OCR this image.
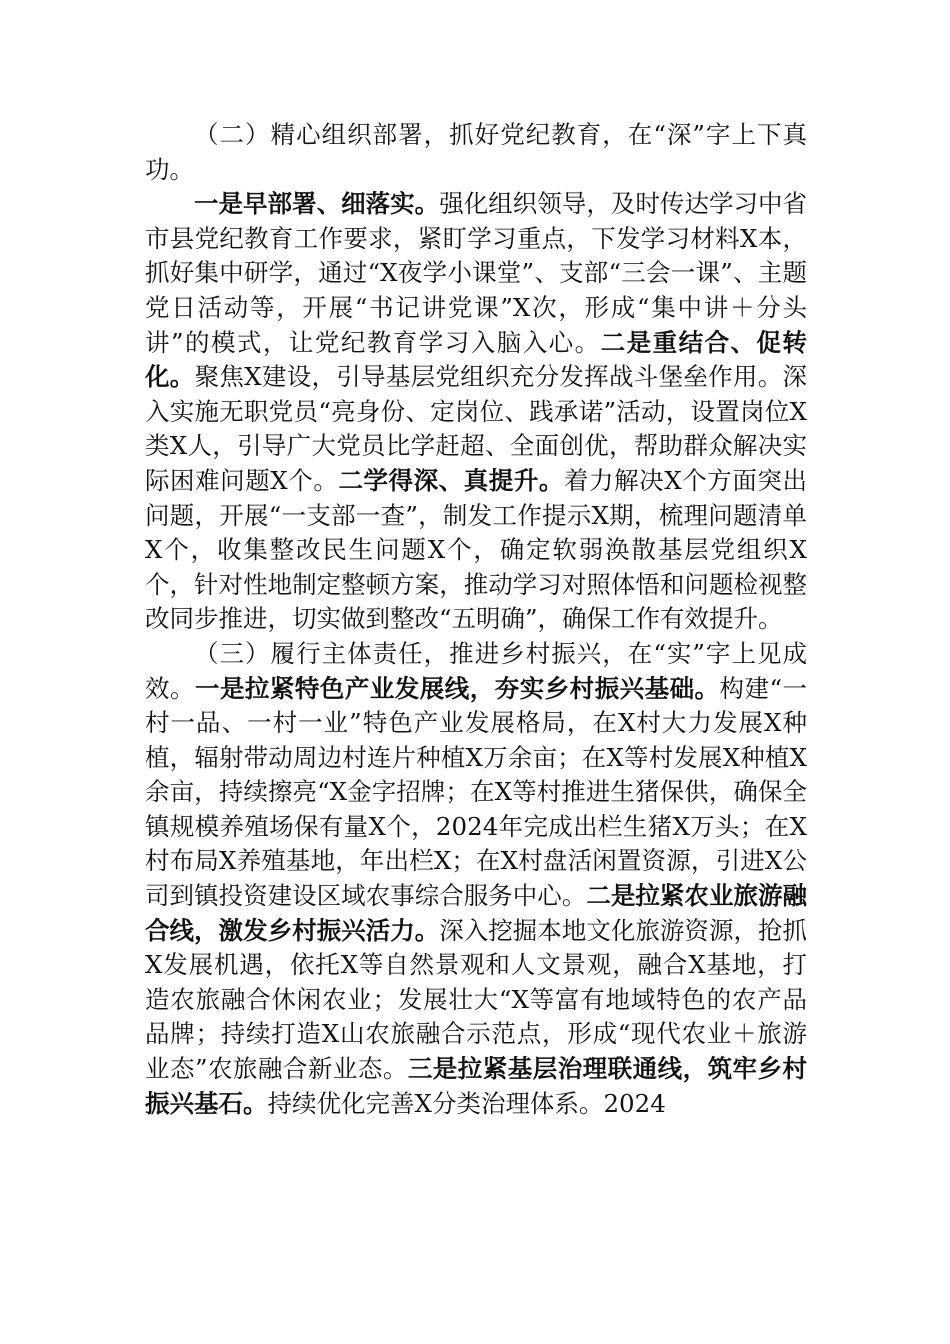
（二）精心组织部署，抓好党纪教育，在“深”字上下真功。

一是早部署、细落实。强化组织领导，及时传达学习中省市县党纪教育工作要求，紧盯学习重点，下发学习材料X本，抓好集中研学，通过“X夜学小课堂”、支部“三会一课”、主题党日活动等，开展“书记讲党课”X次，形成“集中讲＋分头讲”的模式，让党纪教育学习入脑入心。二是重结合、促转化。聚焦X建设，引导基层党组织充分发挥战斗堡垒作用。深入实施无职党员“亮身份、定岗位、践承诺”活动，设置岗位X类X人，引导广大党员比学赶超、全面创优，帮助群众解决实际困难问题X个。二学得深、真提升。着力解决X个方面突出问题，开展“一支部一查”，制发工作提示X期，梳理问题清单X个，收集整改民生问题X个，确定软弱涣散基层党组织X个，针对性地制定整顿方案，推动学习对照体悟和问题检视整改同步推进，切实做到整改“五明确”，确保工作有效提升。

（三）履行主体责任，推进乡村振兴，在“实”字上见成效。一是拉紧特色产业发展线，夯实乡村振兴基础。构建“一村一品、一村一业”特色产业发展格局，在X村大力发展X种植，辐射带动周边村连片种植X万余亩；在X等村发展X种植X余亩，持续擦亮“X金字招牌；在X等村推进生猪保供，确保全镇规模养殖场保有量X个，2024年完成出栏生猪X万头；在X村布局X养殖基地，年出栏X；在X村盘活闲置资源，引进X公司到镇投资建设区域农事综合服务中心。二是拉紧农业旅游融合线，激发乡村振兴活力。深入挖掘本地文化旅游资源，抢抓X发展机遇，依托X等自然景观和人文景观，融合X基地，打造农旅融合休闲农业；发展壮大“X等富有地域特色的农产品品牌；持续打造X山农旅融合示范点，形成“现代农业＋旅游业态”农旅融合新业态。三是拉紧基层治理联通线，筑牢乡村振兴基石。持续优化完善X分类治理体系。2024
